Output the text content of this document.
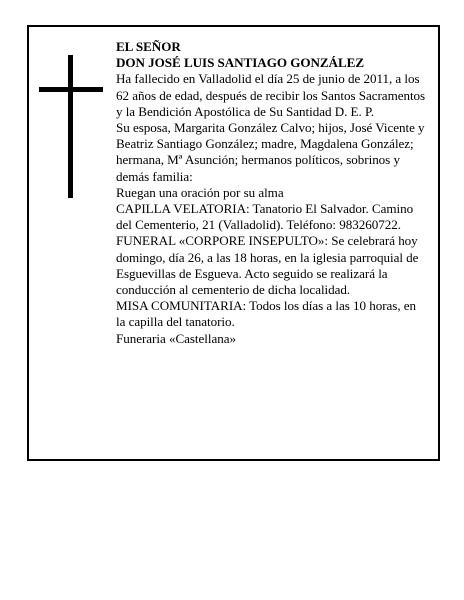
EL SEÑOR

DON JOSÉ LUIS SANTIAGO GONZÁLEZ

Ha fallecido en Valladolid el día 25 de junio de 2011, a los 62 años de edad, después de recibir los Santos Sacramentos y la Bendición Apostólica de Su Santidad D. E. P.

Su esposa, Margarita González Calvo; hijos, José Vicente y Beatriz Santiago González; madre, Magdalena González; hermana, Mª Asunción; hermanos políticos, sobrinos y demás familia:

Ruegan una oración por su alma

CAPILLA VELATORIA: Tanatorio El Salvador. Camino del Cementerio, 21 (Valladolid). Teléfono: 983260722.

FUNERAL «CORPORE INSEPULTO»: Se celebrará hoy domingo, día 26, a las 18 horas, en la iglesia parroquial de Esguevillas de Esgueva. Acto seguido se realizará la conducción al cementerio de dicha localidad.

MISA COMUNITARIA: Todos los días a las 10 horas, en la capilla del tanatorio.

Funeraria «Castellana»
